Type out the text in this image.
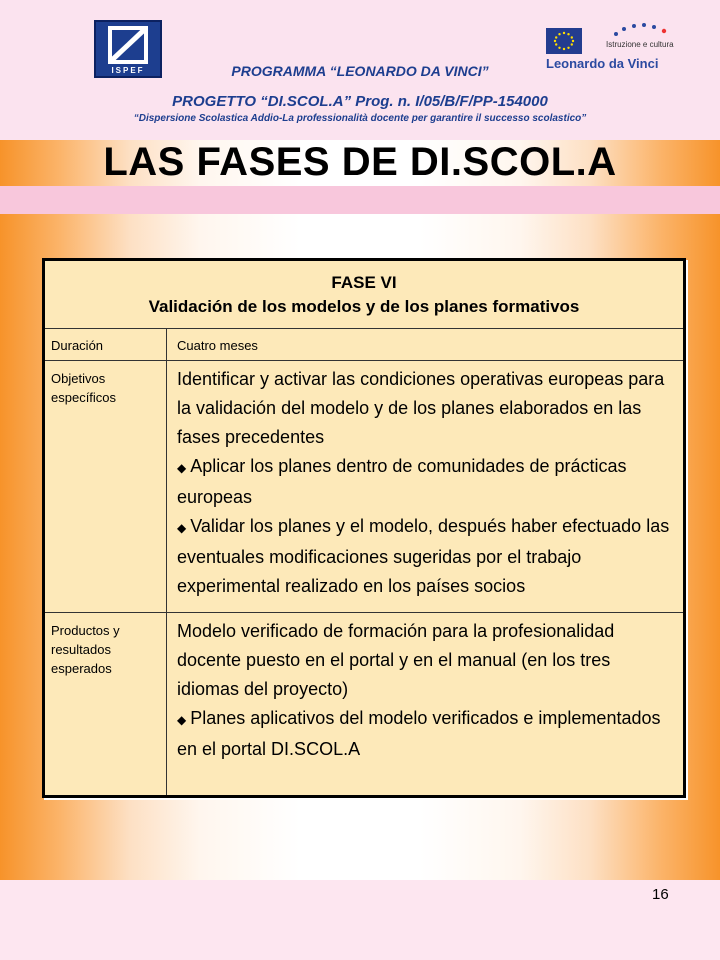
ISPEF
Istruzione e cultura
Leonardo da Vinci
PROGRAMMA “LEONARDO DA VINCI”
PROGETTO “DI.SCOL.A” Prog. n. I/05/B/F/PP-154000
“Dispersione Scolastica Addio-La professionalità docente per garantire il successo scolastico”
LAS FASES DE DI.SCOL.A
FASE VI
Validación de los modelos y de los planes formativos
Duración	Cuatro meses
Objetivos específicos
Identificar y activar las condiciones operativas europeas para la validación del modelo y de los planes elaborados en las fases precedentes
◆ Aplicar los planes dentro de comunidades de prácticas europeas
◆ Validar los planes y el modelo, después haber efectuado las eventuales modificaciones sugeridas por el trabajo experimental realizado en los países socios
Productos y resultados esperados
Modelo verificado de formación para la profesionalidad docente puesto en el portal y en el manual (en los tres idiomas del proyecto)
◆ Planes aplicativos del modelo verificados e implementados en el portal DI.SCOL.A
16
